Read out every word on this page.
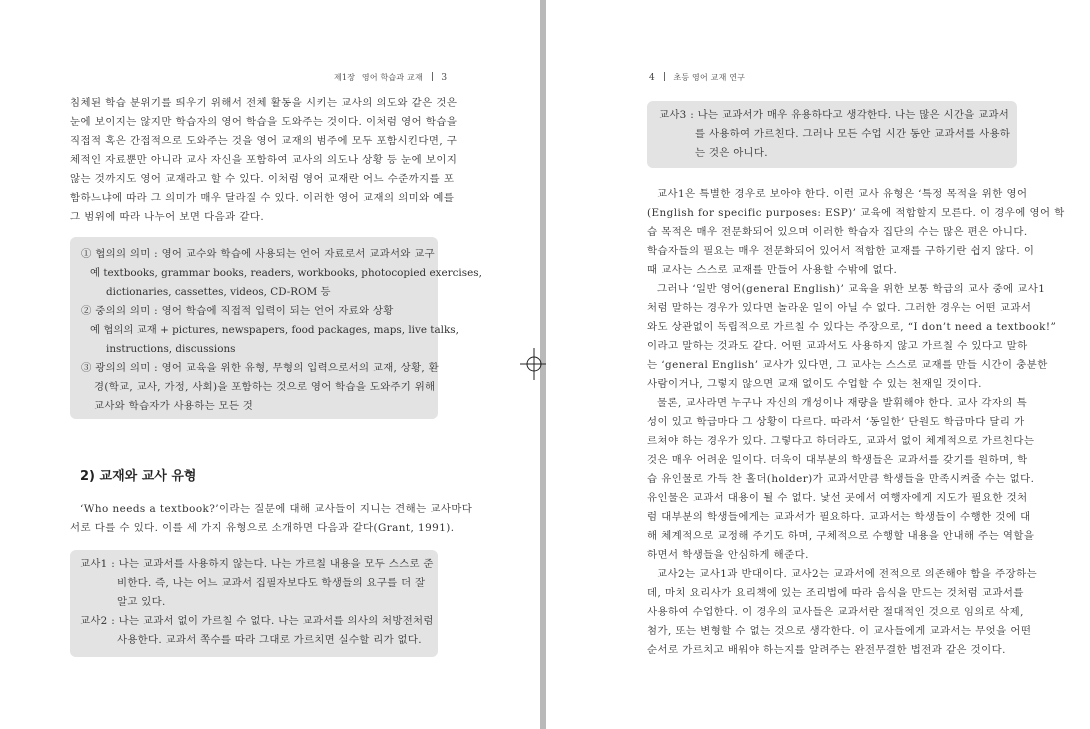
제1장 영어 학습과 교재 3
침체된 학습 분위기를 띄우기 위해서 전체 활동을 시키는 교사의 의도와 같은 것은
눈에 보이지는 않지만 학습자의 영어 학습을 도와주는 것이다. 이처럼 영어 학습을
직접적 혹은 간접적으로 도와주는 것을 영어 교재의 범주에 모두 포함시킨다면, 구
체적인 자료뿐만 아니라 교사 자신을 포함하여 교사의 의도나 상황 등 눈에 보이지
않는 것까지도 영어 교재라고 할 수 있다. 이처럼 영어 교재란 어느 수준까지를 포
함하느냐에 따라 그 의미가 매우 달라질 수 있다. 이러한 영어 교재의 의미와 예를
그 범위에 따라 나누어 보면 다음과 같다.
① 협의의 의미 : 영어 교수와 학습에 사용되는 언어 자료로서 교과서와 교구
예 textbooks, grammar books, readers, workbooks, photocopied exercises,
dictionaries, cassettes, videos, CD-ROM 등
② 중의의 의미 : 영어 학습에 직접적 입력이 되는 언어 자료와 상황
예 협의의 교재 + pictures, newspapers, food packages, maps, live talks,
instructions, discussions
③ 광의의 의미 : 영어 교육을 위한 유형, 무형의 입력으로서의 교재, 상황, 환
경(학교, 교사, 가정, 사회)을 포함하는 것으로 영어 학습을 도와주기 위해
교사와 학습자가 사용하는 모든 것
2) 교재와 교사 유형
‘Who needs a textbook?’이라는 질문에 대해 교사들이 지니는 견해는 교사마다
서로 다를 수 있다. 이를 세 가지 유형으로 소개하면 다음과 같다(Grant, 1991).
교사1 : 나는 교과서를 사용하지 않는다. 나는 가르칠 내용을 모두 스스로 준
비한다. 즉, 나는 어느 교과서 집필자보다도 학생들의 요구를 더 잘
알고 있다.
교사2 : 나는 교과서 없이 가르칠 수 없다. 나는 교과서를 의사의 처방전처럼
사용한다. 교과서 쪽수를 따라 그대로 가르치면 실수할 리가 없다.
4 초등 영어 교재 연구
교사3 : 나는 교과서가 매우 유용하다고 생각한다. 나는 많은 시간을 교과서
를 사용하여 가르친다. 그러나 모든 수업 시간 동안 교과서를 사용하
는 것은 아니다.
교사1은 특별한 경우로 보아야 한다. 이런 교사 유형은 ‘특정 목적을 위한 영어
(English for specific purposes: ESP)’ 교육에 적합할지 모른다. 이 경우에 영어 학
습 목적은 매우 전문화되어 있으며 이러한 학습자 집단의 수는 많은 편은 아니다.
학습자들의 필요는 매우 전문화되어 있어서 적합한 교재를 구하기란 쉽지 않다. 이
때 교사는 스스로 교재를 만들어 사용할 수밖에 없다.
그러나 ‘일반 영어(general English)’ 교육을 위한 보통 학급의 교사 중에 교사1
처럼 말하는 경우가 있다면 놀라운 일이 아닐 수 없다. 그러한 경우는 어떤 교과서
와도 상관없이 독립적으로 가르칠 수 있다는 주장으로, “I don’t need a textbook!”
이라고 말하는 것과도 같다. 어떤 교과서도 사용하지 않고 가르칠 수 있다고 말하
는 ‘general English’ 교사가 있다면, 그 교사는 스스로 교재를 만들 시간이 충분한
사람이거나, 그렇지 않으면 교재 없이도 수업할 수 있는 천재일 것이다.
물론, 교사라면 누구나 자신의 개성이나 재량을 발휘해야 한다. 교사 각자의 특
성이 있고 학급마다 그 상황이 다르다. 따라서 ‘동일한’ 단원도 학급마다 달리 가
르쳐야 하는 경우가 있다. 그렇다고 하더라도, 교과서 없이 체계적으로 가르친다는
것은 매우 어려운 일이다. 더욱이 대부분의 학생들은 교과서를 갖기를 원하며, 학
습 유인물로 가득 찬 홀더(holder)가 교과서만큼 학생들을 만족시켜줄 수는 없다.
유인물은 교과서 대용이 될 수 없다. 낯선 곳에서 여행자에게 지도가 필요한 것처
럼 대부분의 학생들에게는 교과서가 필요하다. 교과서는 학생들이 수행한 것에 대
해 체계적으로 교정해 주기도 하며, 구체적으로 수행할 내용을 안내해 주는 역할을
하면서 학생들을 안심하게 해준다.
교사2는 교사1과 반대이다. 교사2는 교과서에 전적으로 의존해야 함을 주장하는
데, 마치 요리사가 요리책에 있는 조리법에 따라 음식을 만드는 것처럼 교과서를
사용하여 수업한다. 이 경우의 교사들은 교과서란 절대적인 것으로 임의로 삭제,
첨가, 또는 변형할 수 없는 것으로 생각한다. 이 교사들에게 교과서는 무엇을 어떤
순서로 가르치고 배워야 하는지를 알려주는 완전무결한 법전과 같은 것이다.
